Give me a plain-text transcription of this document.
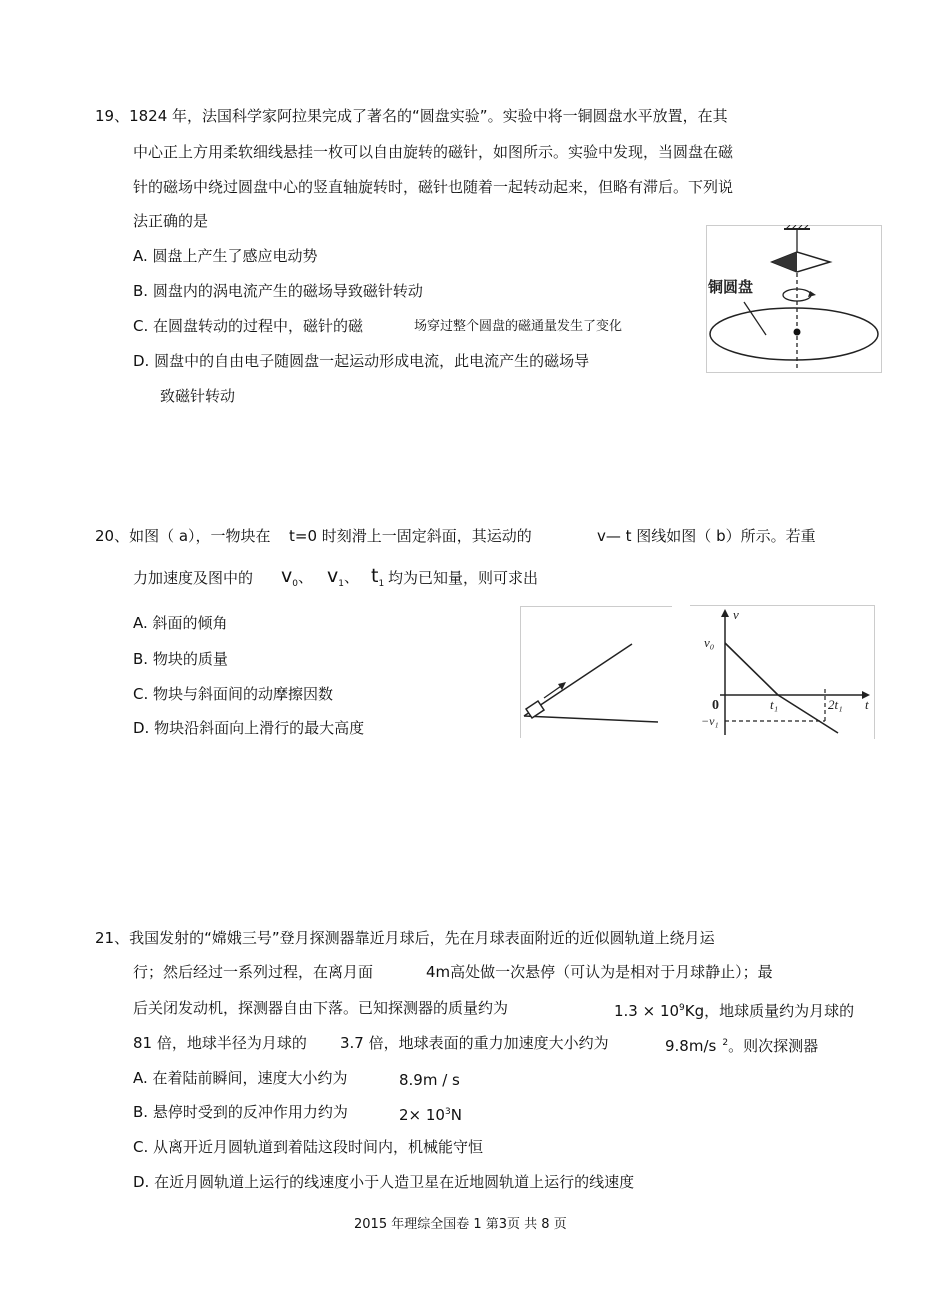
19、1824 年，法国科学家阿拉果完成了著名的“圆盘实验”。实验中将一铜圆盘水平放置，在其
中心正上方用柔软细线悬挂一枚可以自由旋转的磁针，如图所示。实验中发现，当圆盘在磁
针的磁场中绕过圆盘中心的竖直轴旋转时，磁针也随着一起转动起来，但略有滞后。下列说
法正确的是
A. 圆盘上产生了感应电动势
B. 圆盘内的涡电流产生的磁场导致磁针转动
C. 在圆盘转动的过程中，磁针的磁	场穿过整个圆盘的磁通量发生了变化
D. 圆盘中的自由电子随圆盘一起运动形成电流，此电流产生的磁场导
致磁针转动
铜圆盘
20、如图（ a），一物块在 t=0 时刻滑上一固定斜面，其运动的	v— t 图线如图（ b）所示。若重
力加速度及图中的 $v_0$、 $v_1$、 $t_1$ 均为已知量，则可求出
A. 斜面的倾角
B. 物块的质量
C. 物块与斜面间的动摩擦因数
D. 物块沿斜面向上滑行的最大高度
v
t
v₀
0	t₁	2t₁
−v₁
21、我国发射的“嫦娥三号”登月探测器靠近月球后，先在月球表面附近的近似圆轨道上绕月运
行；然后经过一系列过程，在离月面	4m高处做一次悬停（可认为是相对于月球静止）；最
后关闭发动机，探测器自由下落。已知探测器的质量约为	$1.3 \times 10^9Kg$，地球质量约为月球的
81 倍，地球半径为月球的 3.7 倍，地球表面的重力加速度大小约为	9.8m/s $^2$。则次探测器
A. 在着陆前瞬间，速度大小约为	8.9m / s
B. 悬停时受到的反冲作用力约为	$2\times 10^3N$
C. 从离开近月圆轨道到着陆这段时间内，机械能守恒
D. 在近月圆轨道上运行的线速度小于人造卫星在近地圆轨道上运行的线速度
2015 年理综全国卷 1 第3页 共 8 页
